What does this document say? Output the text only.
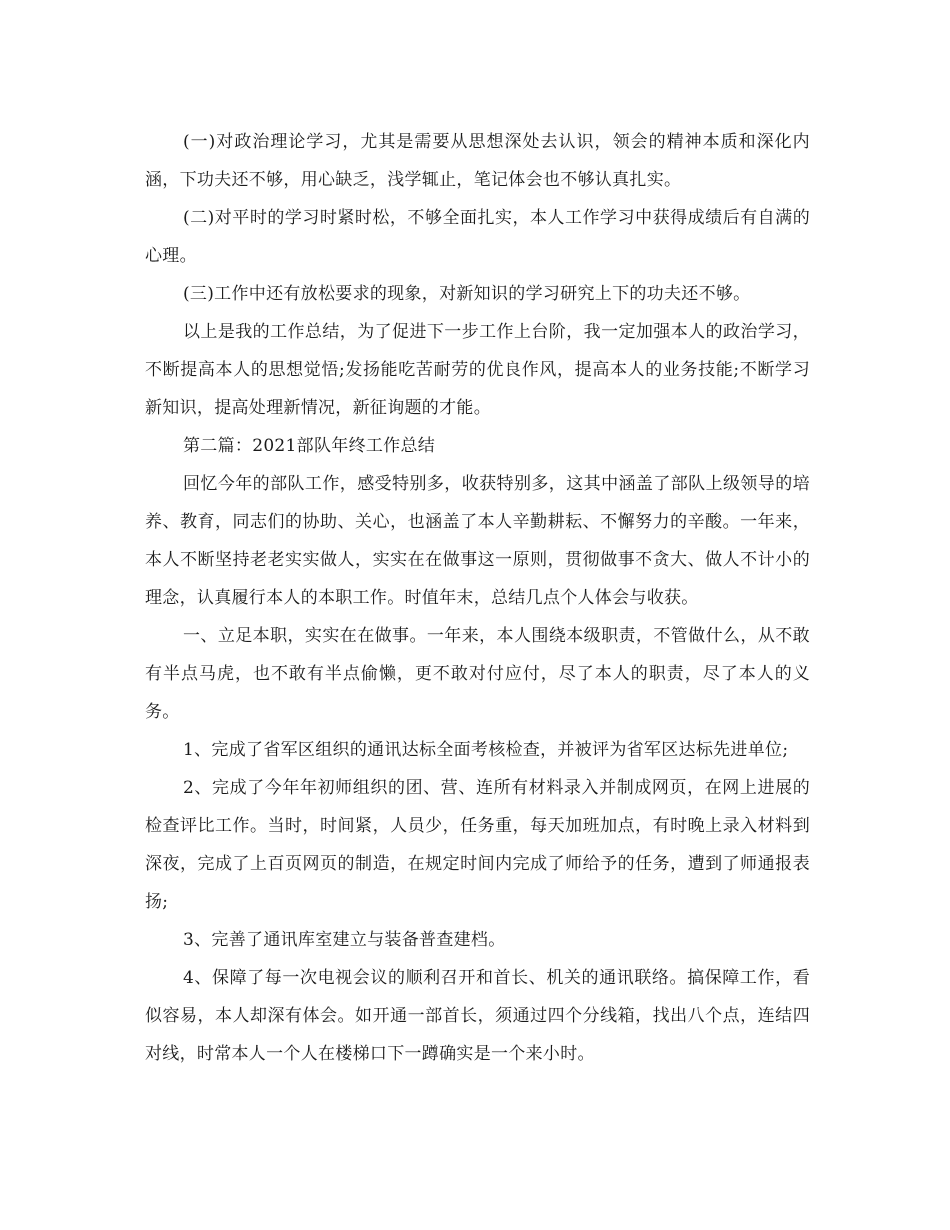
(一)对政治理论学习，尤其是需要从思想深处去认识，领会的精神本质和深化内涵，下功夫还不够，用心缺乏，浅学辄止，笔记体会也不够认真扎实。

(二)对平时的学习时紧时松，不够全面扎实，本人工作学习中获得成绩后有自满的心理。

(三)工作中还有放松要求的现象，对新知识的学习研究上下的功夫还不够。

以上是我的工作总结，为了促进下一步工作上台阶，我一定加强本人的政治学习，不断提高本人的思想觉悟;发扬能吃苦耐劳的优良作风，提高本人的业务技能;不断学习新知识，提高处理新情况，新征询题的才能。

第二篇：2021部队年终工作总结

回忆今年的部队工作，感受特别多，收获特别多，这其中涵盖了部队上级领导的培养、教育，同志们的协助、关心，也涵盖了本人辛勤耕耘、不懈努力的辛酸。一年来，本人不断坚持老老实实做人，实实在在做事这一原则，贯彻做事不贪大、做人不计小的理念，认真履行本人的本职工作。时值年末，总结几点个人体会与收获。

一、立足本职，实实在在做事。一年来，本人围绕本级职责，不管做什么，从不敢有半点马虎，也不敢有半点偷懒，更不敢对付应付，尽了本人的职责，尽了本人的义务。

1、完成了省军区组织的通讯达标全面考核检查，并被评为省军区达标先进单位;

2、完成了今年年初师组织的团、营、连所有材料录入并制成网页，在网上进展的检查评比工作。当时，时间紧，人员少，任务重，每天加班加点，有时晚上录入材料到深夜，完成了上百页网页的制造，在规定时间内完成了师给予的任务，遭到了师通报表扬;

3、完善了通讯库室建立与装备普查建档。

4、保障了每一次电视会议的顺利召开和首长、机关的通讯联络。搞保障工作，看似容易，本人却深有体会。如开通一部首长，须通过四个分线箱，找出八个点，连结四对线，时常本人一个人在楼梯口下一蹲确实是一个来小时。
